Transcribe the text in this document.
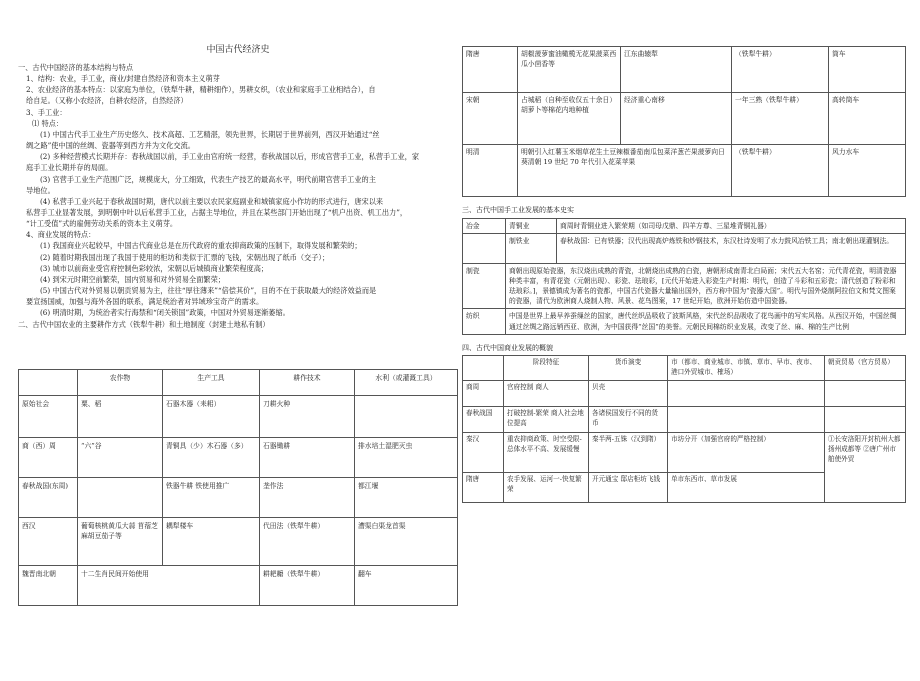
中国古代经济史

一、古代中国经济的基本结构与特点

1、结构：农业，手工业，商业/封建自然经济和资本主义萌芽

2、农业经济的基本特点：以家庭为单位，（铁犁牛耕，精耕细作），男耕女织，（农业和家庭手工业相结合），自

给自足。（又称小农经济，自耕农经济，自然经济）

3、手工业：

⑴ 特点：

(1) 中国古代手工业生产历史悠久、技术高超、工艺精湛，领先世界，长期居于世界前列，西汉开始通过“丝

绸之路”使中国的丝绸、瓷器等到西方并为文化交流。

(2) 多种经营模式长期并存：春秋战国以前，手工业由官府统一经营，春秋战国以后，形成官营手工业，私营手工业，家

庭手工业长期并存的局面。

(3) 官营手工业生产范围广泛，规模庞大，分工细致，代表生产技艺的最高水平，明代前期官营手工业的主

导地位。

(4) 私营手工业兴起于春秋战国时期，唐代以前主要以农民家庭副业和城镇家庭小作坊的形式进行，唐宋以来

私营手工业显著发展，到明朝中叶以后私营手工业，占据主导地位，并且在某些部门开始出现了“机户出资、机工出力”，

“计工受值”式的雇佣劳动关系的资本主义萌芽。

4、商业发展的特点：

(1) 我国商业兴起较早，中国古代商业总是在历代政府的重农抑商政策的压制下，取得发展和繁荣的；

(2) 随着时期我国出现了我国于使用的柜坊和类似于汇票的飞钱，宋朝出现了纸币（交子）；

(3) 城市以前商业受官府控制色彩较浓，宋朝以后城镇商业繁荣程度高；

(4) 到宋元时期空前繁荣，国内贸易和对外贸易全面繁荣；

(5) 中国古代对外贸易以朝贡贸易为主，往往“厚往薄来”“倍偿其价”，目的不在于获取最大的经济效益而是

要宣扬国威，加强与海外各国的联系，满足统治者对异域珍宝奇产的需求。

(6) 明清时期，为统治者实行海禁和“闭关锁国”政策，中国对外贸易逐渐萎缩。

二、古代中国农业的主要耕作方式（铁犁牛耕）和土地制度（封建土地私有制）

	农作物	生产工具	耕作技术	水利（或灌溉工具）
原始社会	粟、稻	石器木器（耒耜）	刀耕火种	
商（西）周	“六”谷	青铜具（少）木石器（多）	石器锄耕	排水培土湿肥灭虫
春秋战国(东周)		铁器牛耕 铁使用推广	垄作法	都江堰
西汉	葡萄核桃黄瓜大蒜 苜蓿芝麻胡豆茄子等	耦犁楼车	代田法（铁犁牛耕）	漕渠白渠龙首渠
魏晋南北朝	十二生肖民间开始使用		耕耙耱（铁犁牛耕）	翻车
隋唐	胡椒菠萝蜜油橄榄无花果菠菜西瓜小茴香等	江东曲辕犁	（铁犁牛耕）	筒车
宋朝	占城稻（自种至收仅五十余日）胡萝卜等棉花内地种植	经济重心南移	一年三熟（铁犁牛耕）	高转筒车
明清	明朝引入红薯玉米烟草花生土豆辣椒番茄南瓜包菜洋葱芒果菠萝向日葵清朝 19 世纪 70 年代引入花菜苹果		（铁犁牛耕）	风力水车

三、古代中国手工业发展的基本史实

冶金	青铜业	商周时青铜业进入繁荣期（如司母戊鼎、四羊方尊、三星堆青铜礼器）
	制铁业	春秋战国：已有铁器；汉代出现高炉炼铁和炒钢技术，东汉杜诗发明了水力鼓风冶铁工具；南北朝出现灌钢法。
制瓷	商朝出现原始瓷器，东汉烧出成熟的青瓷，北朝烧出成熟的白瓷，唐朝形成南青北白局面；宋代五大名窑；元代青花瓷，明清瓷器种类丰富，有青花瓷（元朝出现）、彩瓷、珐琅彩，[元代开始进入彩瓷生产时期：明代，创造了斗彩和五彩瓷；清代创造了粉彩和珐琅彩。]，景德镇成为著名的瓷都，中国古代瓷器大量输出国外，西方称中国为“瓷器大国”。明代与国外烧制阿拉伯文和梵文图案的瓷器，清代为欧洲商人烧制人物、风景、花鸟图案，17 世纪开始，欧洲开始仿造中国瓷器。	
纺织	中国是世界上最早养蚕缫丝的国家，唐代丝织品吸收了波斯风格，宋代丝织品吸收了花鸟画中的写实风格。从西汉开始，中国丝绸通过丝绸之路远销西亚、欧洲，为中国获得“丝国”的美誉。元朝民间棉纺织业发展，改变了丝、麻、棉的生产比例	

四、古代中国商业发展的概貌

	阶段特征	货币演变	市（都市、商业城市、市镇、草市、早市、夜市、港口外贸城市、榷场）	朝贡贸易（官方贸易）
商周	官府控制 商人	贝壳		
春秋战国	打破控制-繁荣 商人社会地位提高	各诸侯国发行不同的货币		
秦汉	重农抑商政策、时空受限-总体水平不高、发展缓慢	秦半两-五铢（汉到隋）	市坊分开（加强官府的严格控制）	①长安洛阳开封杭州大都扬州成都等 ②唐广州市舶使外贸
隋唐	农手发展、运河一-快复繁荣	开元通宝 邸店柜坊飞钱	单市东西市、草市发展	
